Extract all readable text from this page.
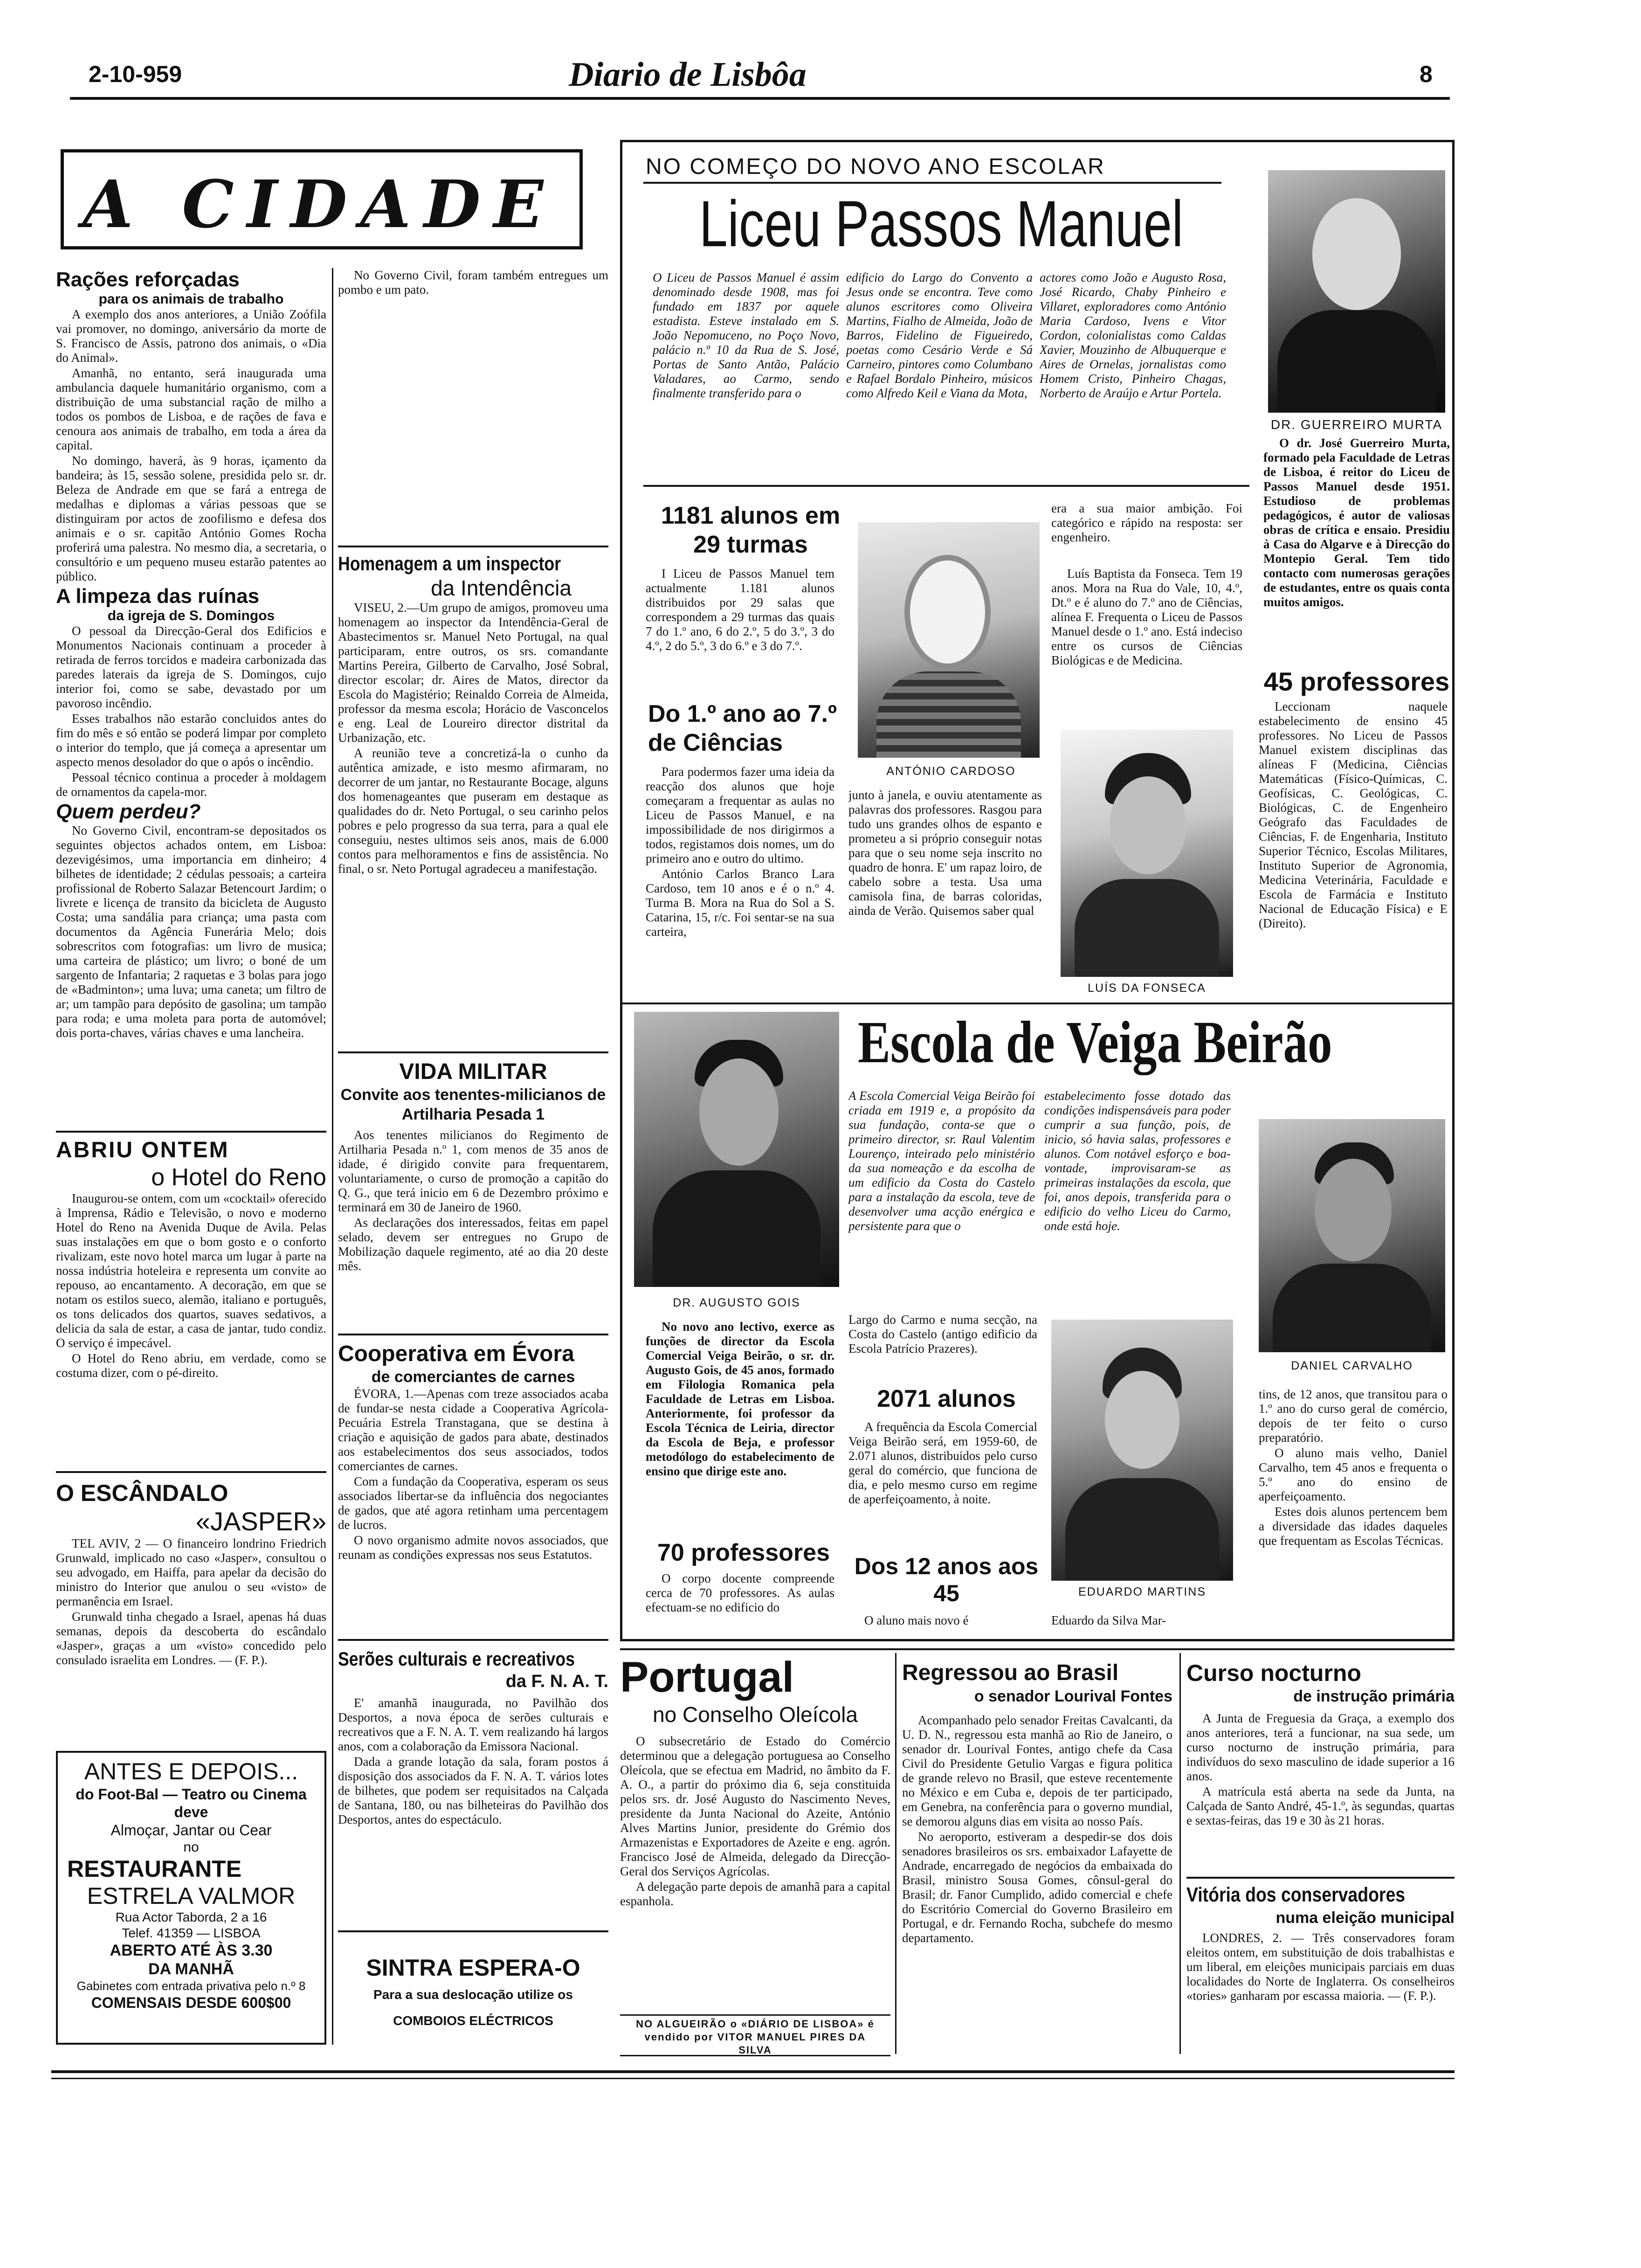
2-10-959	Diario de Lisbôa	8
A CIDADE
Rações reforçadas
para os animais de trabalho

A exemplo dos anos anteriores, a União Zoófila vai promover, no domingo, aniversário da morte de S. Francisco de Assis, patrono dos animais, o «Dia do Animal».

Amanhã, no entanto, será inaugurada uma ambulancia daquele humanitário organismo, com a distribuição de uma substancial ração de milho a todos os pombos de Lisboa, e de rações de fava e cenoura aos animais de trabalho, em toda a área da capital.

No domingo, haverá, às 9 horas, içamento da bandeira; às 15, sessão solene, presidida pelo sr. dr. Beleza de Andrade em que se fará a entrega de medalhas e diplomas a várias pessoas que se distinguiram por actos de zoofilismo e defesa dos animais e o sr. capitão António Gomes Rocha proferirá uma palestra. No mesmo dia, a secretaria, o consultório e um pequeno museu estarão patentes ao público.

A limpeza das ruínas
da igreja de S. Domingos

O pessoal da Direcção-Geral dos Edificios e Monumentos Nacionais continuam a proceder à retirada de ferros torcidos e madeira carbonizada das paredes laterais da igreja de S. Domingos, cujo interior foi, como se sabe, devastado por um pavoroso incêndio.

Esses trabalhos não estarão concluidos antes do fim do mês e só então se poderá limpar por completo o interior do templo, que já começa a apresentar um aspecto menos desolador do que o após o incêndio.

Pessoal técnico continua a proceder à moldagem de ornamentos da capela-mor.

Quem perdeu?

No Governo Civil, encontram-se depositados os seguintes objectos achados ontem, em Lisboa: dezevigésimos, uma importancia em dinheiro; 4 bilhetes de identidade; 2 cédulas pessoais; a carteira profissional de Roberto Salazar Betencourt Jardim; o livrete e licença de transito da bicicleta de Augusto Costa; uma sandália para criança; uma pasta com documentos da Agência Funerária Melo; dois sobrescritos com fotografias: um livro de musica; uma carteira de plástico; um livro; o boné de um sargento de Infantaria; 2 raquetas e 3 bolas para jogo de «Badminton»; uma luva; uma caneta; um filtro de ar; um tampão para depósito de gasolina; um tampão para roda; e uma moleta para porta de automóvel; dois porta-chaves, várias chaves e uma lancheira.

ABRIU ONTEM
o Hotel do Reno

Inaugurou-se ontem, com um «cocktail» oferecido à Imprensa, Rádio e Televisão, o novo e moderno Hotel do Reno na Avenida Duque de Avila. Pelas suas instalações em que o bom gosto e o conforto rivalizam, este novo hotel marca um lugar à parte na nossa indústria hoteleira e representa um convite ao repouso, ao encantamento. A decoração, em que se notam os estilos sueco, alemão, italiano e português, os tons delicados dos quartos, suaves sedativos, a delicia da sala de estar, a casa de jantar, tudo condiz. O serviço é impecável.

O Hotel do Reno abriu, em verdade, como se costuma dizer, com o pé-direito.

O ESCÂNDALO
«JASPER»

TEL AVIV, 2 — O financeiro londrino Friedrich Grunwald, implicado no caso «Jasper», consultou o seu advogado, em Haiffa, para apelar da decisão do ministro do Interior que anulou o seu «visto» de permanência em Israel.

Grunwald tinha chegado a Israel, apenas há duas semanas, depois da descoberta do escândalo «Jasper», graças a um «visto» concedido pelo consulado israelita em Londres. — (F. P.).

ANTES E DEPOIS...
do Foot-Bal — Teatro ou Cinema deve
Almoçar, Jantar ou Cear
no
RESTAURANTE
ESTRELA VALMOR
Rua Actor Taborda, 2 a 16
Telef. 41359 — LISBOA
ABERTO ATÉ ÀS 3.30
DA MANHÃ
Gabinetes com entrada privativa pelo n.º 8
COMENSAIS DESDE 600$00

No Governo Civil, foram também entregues um pombo e um pato.

Homenagem a um inspector
da Intendência

VISEU, 2.—Um grupo de amigos, promoveu uma homenagem ao inspector da Intendência-Geral de Abastecimentos sr. Manuel Neto Portugal, na qual participaram, entre outros, os srs. comandante Martins Pereira, Gilberto de Carvalho, José Sobral, director escolar; dr. Aires de Matos, director da Escola do Magistério; Reinaldo Correia de Almeida, professor da mesma escola; Horácio de Vasconcelos e eng. Leal de Loureiro director distrital da Urbanização, etc.

A reunião teve a concretizá-la o cunho da autêntica amizade, e isto mesmo afirmaram, no decorrer de um jantar, no Restaurante Bocage, alguns dos homenageantes que puseram em destaque as qualidades do dr. Neto Portugal, o seu carinho pelos pobres e pelo progresso da sua terra, para a qual ele conseguiu, nestes ultimos seis anos, mais de 6.000 contos para melhoramentos e fins de assistência. No final, o sr. Neto Portugal agradeceu a manifestação.

VIDA MILITAR
Convite aos tenentes-milicianos de Artilharia Pesada 1

Aos tenentes milicianos do Regimento de Artilharia Pesada n.º 1, com menos de 35 anos de idade, é dirigido convite para frequentarem, voluntariamente, o curso de promoção a capitão do Q. G., que terá inicio em 6 de Dezembro próximo e terminará em 30 de Janeiro de 1960.

As declarações dos interessados, feitas em papel selado, devem ser entregues no Grupo de Mobilização daquele regimento, até ao dia 20 deste mês.

Cooperativa em Évora
de comerciantes de carnes

ÉVORA, 1.—Apenas com treze associados acaba de fundar-se nesta cidade a Cooperativa Agrícola-Pecuária Estrela Transtagana, que se destina à criação e aquisição de gados para abate, destinados aos estabelecimentos dos seus associados, todos comerciantes de carnes.

Com a fundação da Cooperativa, esperam os seus associados libertar-se da influência dos negociantes de gados, que até agora retinham uma percentagem de lucros.

O novo organismo admite novos associados, que reunam as condições expressas nos seus Estatutos.

Serões culturais e recreativos
da F. N. A. T.

E' amanhã inaugurada, no Pavilhão dos Desportos, a nova época de serões culturais e recreativos que a F. N. A. T. vem realizando há largos anos, com a colaboração da Emissora Nacional.

Dada a grande lotação da sala, foram postos á disposição dos associados da F. N. A. T. vários lotes de bilhetes, que podem ser requisitados na Calçada de Santana, 180, ou nas bilheteiras do Pavilhão dos Desportos, antes do espectáculo.

SINTRA ESPERA-O
Para a sua deslocação utilize os
COMBOIOS ELÉCTRICOS
NO COMEÇO DO NOVO ANO ESCOLAR
Liceu Passos Manuel
O Liceu de Passos Manuel é assim denominado desde 1908, mas foi fundado em 1837 por aquele estadista. Esteve instalado em S. João Nepomuceno, no Poço Novo, palácio n.º 10 da Rua de S. José, Portas de Santo Antão, Palácio Valadares, ao Carmo, sendo finalmente transferido para o
edificio do Largo do Convento a Jesus onde se encontra. Teve como alunos escritores como Oliveira Martins, Fialho de Almeida, João de Barros, Fidelino de Figueiredo, poetas como Cesário Verde e Sá Carneiro, pintores como Columbano e Rafael Bordalo Pinheiro, músicos como Alfredo Keil e Viana da Mota,
actores como João e Augusto Rosa, José Ricardo, Chaby Pinheiro e Villaret, exploradores como António Maria Cardoso, Ivens e Vitor Cordon, colonialistas como Caldas Xavier, Mouzinho de Albuquerque e Aires de Ornelas, jornalistas como Homem Cristo, Pinheiro Chagas, Norberto de Araújo e Artur Portela.
DR. GUERREIRO MURTA
O dr. José Guerreiro Murta, formado pela Faculdade de Letras de Lisboa, é reitor do Liceu de Passos Manuel desde 1951. Estudioso de problemas pedagógicos, é autor de valiosas obras de crítica e ensaio. Presidiu à Casa do Algarve e à Direcção do Montepio Geral. Tem tido contacto com numerosas gerações de estudantes, entre os quais conta muitos amigos.
1181 alunos em 29 turmas
I Liceu de Passos Manuel tem actualmente 1.181 alunos distribuidos por 29 salas que correspondem a 29 turmas das quais 7 do 1.º ano, 6 do 2.º, 5 do 3.º, 3 do 4.º, 2 do 5.º, 3 do 6.º e 3 do 7.º.
Do 1.º ano ao 7.º de Ciências

Para podermos fazer uma ideia da reacção dos alunos que hoje começaram a frequentar as aulas no Liceu de Passos Manuel, e na impossibilidade de nos dirigirmos a todos, registamos dois nomes, um do primeiro ano e outro do ultimo.

António Carlos Branco Lara Cardoso, tem 10 anos e é o n.º 4. Turma B. Mora na Rua do Sol a S. Catarina, 15, r/c. Foi sentar-se na sua carteira,

ANTÓNIO CARDOSO
junto à janela, e ouviu atentamente as palavras dos professores. Rasgou para tudo uns grandes olhos de espanto e prometeu a si próprio conseguir notas para que o seu nome seja inscrito no quadro de honra. E' um rapaz loiro, de cabelo sobre a testa. Usa uma camisola fina, de barras coloridas, ainda de Verão. Quisemos saber qual
era a sua maior ambição. Foi categórico e rápido na resposta: ser engenheiro.
Luís Baptista da Fonseca. Tem 19 anos. Mora na Rua do Vale, 10, 4.º, Dt.º e é aluno do 7.º ano de Ciências, alínea F. Frequenta o Liceu de Passos Manuel desde o 1.º ano. Está indeciso entre os cursos de Ciências Biológicas e de Medicina.
LUÍS DA FONSECA
45 professores
Leccionam naquele estabelecimento de ensino 45 professores. No Liceu de Passos Manuel existem disciplinas das alíneas F (Medicina, Ciências Matemáticas (Físico-Químicas, C. Geofísicas, C. Geológicas, C. Biológicas, C. de Engenheiro Geógrafo das Faculdades de Ciências, F. de Engenharia, Instituto Superior Técnico, Escolas Militares, Instituto Superior de Agronomia, Medicina Veterinária, Faculdade e Escola de Farmácia e Instituto Nacional de Educação Física) e E (Direito).
Escola de Veiga Beirão
DR. AUGUSTO GOIS
No novo ano lectivo, exerce as funções de director da Escola Comercial Veiga Beirão, o sr. dr. Augusto Gois, de 45 anos, formado em Filologia Romanica pela Faculdade de Letras em Lisboa. Anteriormente, foi professor da Escola Técnica de Leiria, director da Escola de Beja, e professor metodólogo do estabelecimento de ensino que dirige este ano.
70 professores
O corpo docente compreende cerca de 70 professores. As aulas efectuam-se no edificio do
A Escola Comercial Veiga Beirão foi criada em 1919 e, a propósito da sua fundação, conta-se que o primeiro director, sr. Raul Valentim Lourenço, inteirado pelo ministério da sua nomeação e da escolha de um edificio da Costa do Castelo para a instalação da escola, teve de desenvolver uma acção enérgica e persistente para que o
estabelecimento fosse dotado das condições indispensáveis para poder cumprir a sua função, pois, de inicio, só havia salas, professores e alunos. Com notável esforço e boa-vontade, improvisaram-se as primeiras instalações da escola, que foi, anos depois, transferida para o edificio do velho Liceu do Carmo, onde está hoje.
Largo do Carmo e numa secção, na Costa do Castelo (antigo edificio da Escola Patrício Prazeres).
2071 alunos
A frequência da Escola Comercial Veiga Beirão será, em 1959-60, de 2.071 alunos, distribuidos pelo curso geral do comércio, que funciona de dia, e pelo mesmo curso em regime de aperfeiçoamento, à noite.
Dos 12 anos aos 45
O aluno mais novo é
EDUARDO MARTINS
Eduardo da Silva Mar-
DANIEL CARVALHO

tins, de 12 anos, que transitou para o 1.º ano do curso geral de comércio, depois de ter feito o curso preparatório.

O aluno mais velho, Daniel Carvalho, tem 45 anos e frequenta o 5.º ano do ensino de aperfeiçoamento.

Estes dois alunos pertencem bem a diversidade das idades daqueles que frequentam as Escolas Técnicas.

Portugal
no Conselho Oleícola

O subsecretário de Estado do Comércio determinou que a delegação portuguesa ao Conselho Oleícola, que se efectua em Madrid, no âmbito da F. A. O., a partir do próximo dia 6, seja constituida pelos srs. dr. José Augusto do Nascimento Neves, presidente da Junta Nacional do Azeite, António Alves Martins Junior, presidente do Grémio dos Armazenistas e Exportadores de Azeite e eng. agrón. Francisco José de Almeida, delegado da Direcção-Geral dos Serviços Agrícolas.

A delegação parte depois de amanhã para a capital espanhola.

NO ALGUEIRÃO o «DIÁRIO DE LISBOA» é vendido por VITOR MANUEL PIRES DA SILVA
Regressou ao Brasil
o senador Lourival Fontes

Acompanhado pelo senador Freitas Cavalcanti, da U. D. N., regressou esta manhã ao Rio de Janeiro, o senador dr. Lourival Fontes, antigo chefe da Casa Civil do Presidente Getulio Vargas e figura politica de grande relevo no Brasil, que esteve recentemente no México e em Cuba e, depois de ter participado, em Genebra, na conferência para o governo mundial, se demorou alguns dias em visita ao nosso País.

No aeroporto, estiveram a despedir-se dos dois senadores brasileiros os srs. embaixador Lafayette de Andrade, encarregado de negócios da embaixada do Brasil, ministro Sousa Gomes, cônsul-geral do Brasil; dr. Fanor Cumplido, adido comercial e chefe do Escritório Comercial do Governo Brasileiro em Portugal, e dr. Fernando Rocha, subchefe do mesmo departamento.

Curso nocturno
de instrução primária

A Junta de Freguesia da Graça, a exemplo dos anos anteriores, terá a funcionar, na sua sede, um curso nocturno de instrução primária, para indivíduos do sexo masculino de idade superior a 16 anos.

A matrícula está aberta na sede da Junta, na Calçada de Santo André, 45-1.º, às segundas, quartas e sextas-feiras, das 19 e 30 às 21 horas.

Vitória dos conservadores
numa eleição municipal

LONDRES, 2. — Três conservadores foram eleitos ontem, em substituição de dois trabalhistas e um liberal, em eleições municipais parciais em duas localidades do Norte de Inglaterra. Os conselheiros «tories» ganharam por escassa maioria. — (F. P.).
